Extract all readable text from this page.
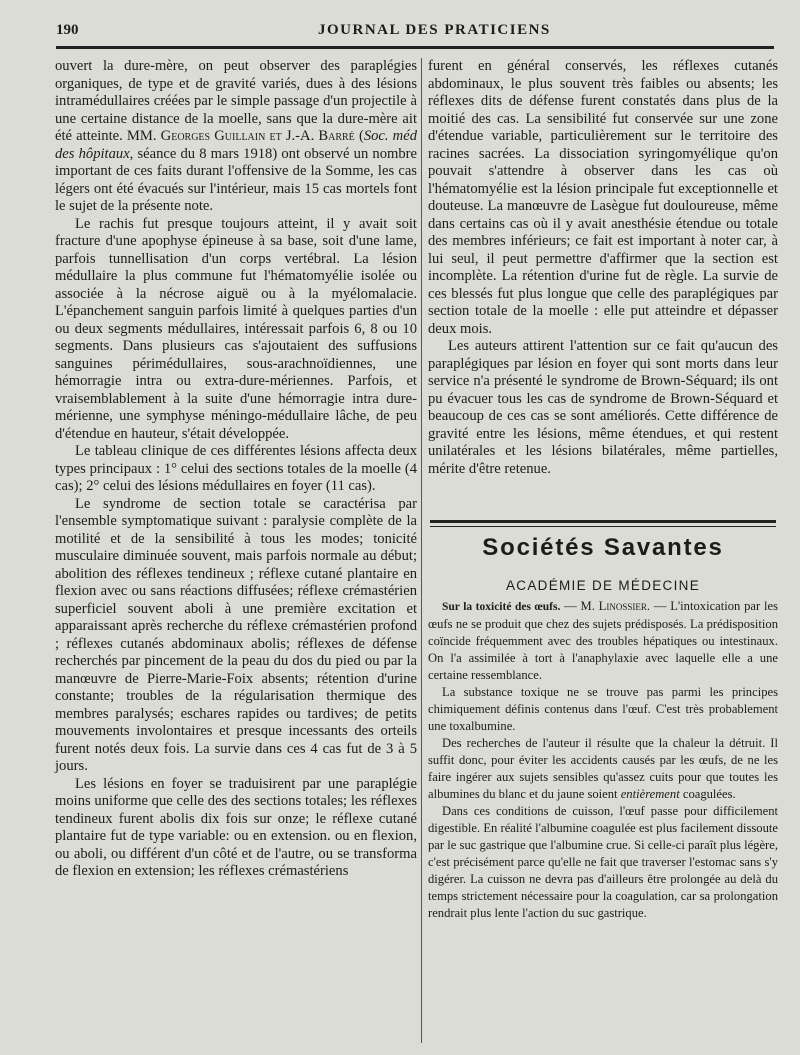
190	JOURNAL DES PRATICIENS

ouvert la dure-mère, on peut observer des paraplégies organiques, de type et de gravité variés, dues à des lésions intramédullaires créées par le simple passage d'un projectile à une certaine distance de la moelle, sans que la dure-mère ait été atteinte. MM. Georges Guillain et J.-A. Barré (Soc. méd des hôpitaux, séance du 8 mars 1918) ont observé un nombre important de ces faits durant l'offensive de la Somme, les cas légers ont été évacués sur l'intérieur, mais 15 cas mortels font le sujet de la présente note.

Le rachis fut presque toujours atteint, il y avait soit fracture d'une apophyse épineuse à sa base, soit d'une lame, parfois tunnellisation d'un corps vertébral. La lésion médullaire la plus commune fut l'hématomyélie isolée ou associée à la nécrose aiguë ou à la myélomalacie. L'épanchement sanguin parfois limité à quelques parties d'un ou deux segments médullaires, intéressait parfois 6, 8 ou 10 segments. Dans plusieurs cas s'ajoutaient des suffusions sanguines périmédullaires, sous-arachnoïdiennes, une hémorragie intra ou extra-dure-mériennes. Parfois, et vraisemblablement à la suite d'une hémorragie intra dure-mérienne, une symphyse méningo-médullaire lâche, de peu d'étendue en hauteur, s'était développée.

Le tableau clinique de ces différentes lésions affecta deux types principaux : 1° celui des sections totales de la moelle (4 cas); 2° celui des lésions médullaires en foyer (11 cas).

Le syndrome de section totale se caractérisa par l'ensemble symptomatique suivant : paralysie complète de la motilité et de la sensibilité à tous les modes; tonicité musculaire diminuée souvent, mais parfois normale au début; abolition des réflexes tendineux ; réflexe cutané plantaire en flexion avec ou sans réactions diffusées; réflexe crémastérien superficiel souvent aboli à une première excitation et apparaissant après recherche du réflexe crémastérien profond ; réflexes cutanés abdominaux abolis; réflexes de défense recherchés par pincement de la peau du dos du pied ou par la manœuvre de Pierre-Marie-Foix absents; rétention d'urine constante; troubles de la régularisation thermique des membres paralysés; eschares rapides ou tardives; de petits mouvements involontaires et presque incessants des orteils furent notés deux fois. La survie dans ces 4 cas fut de 3 à 5 jours.

Les lésions en foyer se traduisirent par une paraplégie moins uniforme que celle des des sections totales; les réflexes tendineux furent abolis dix fois sur onze; le réflexe cutané plantaire fut de type variable: ou en extension. ou en flexion, ou aboli, ou différent d'un côté et de l'autre, ou se transforma de flexion en extension; les réflexes crémastériens

furent en général conservés, les réflexes cutanés abdominaux, le plus souvent très faibles ou absents; les réflexes dits de défense furent constatés dans plus de la moitié des cas. La sensibilité fut conservée sur une zone d'étendue variable, particulièrement sur le territoire des racines sacrées. La dissociation syringomyélique qu'on pouvait s'attendre à observer dans les cas où l'hématomyélie est la lésion principale fut exceptionnelle et douteuse. La manœuvre de Lasègue fut douloureuse, même dans certains cas où il y avait anesthésie étendue ou totale des membres inférieurs; ce fait est important à noter car, à lui seul, il peut permettre d'affirmer que la section est incomplète. La rétention d'urine fut de règle. La survie de ces blessés fut plus longue que celle des paraplégiques par section totale de la moelle : elle put atteindre et dépasser deux mois.

Les auteurs attirent l'attention sur ce fait qu'aucun des paraplégiques par lésion en foyer qui sont morts dans leur service n'a présenté le syndrome de Brown-Séquard; ils ont pu évacuer tous les cas de syndrome de Brown-Séquard et beaucoup de ces cas se sont améliorés. Cette différence de gravité entre les lésions, même étendues, et qui restent unilatérales et les lésions bilatérales, même partielles, mérite d'être retenue.

Sociétés Savantes
ACADÉMIE DE MÉDECINE

Sur la toxicité des œufs. — M. Linossier. — L'intoxication par les œufs ne se produit que chez des sujets prédisposés. La prédisposition coïncide fréquemment avec des troubles hépatiques ou intestinaux. On l'a assimilée à tort à l'anaphylaxie avec laquelle elle a une certaine ressemblance.

La substance toxique ne se trouve pas parmi les principes chimiquement définis contenus dans l'œuf. C'est très probablement une toxalbumine.

Des recherches de l'auteur il résulte que la chaleur la détruit. Il suffit donc, pour éviter les accidents causés par les œufs, de ne les faire ingérer aux sujets sensibles qu'assez cuits pour que toutes les albumines du blanc et du jaune soient entièrement coagulées.

Dans ces conditions de cuisson, l'œuf passe pour difficilement digestible. En réalité l'albumine coagulée est plus facilement dissoute par le suc gastrique que l'albumine crue. Si celle-ci paraît plus légère, c'est précisément parce qu'elle ne fait que traverser l'estomac sans s'y digérer. La cuisson ne devra pas d'ailleurs être prolongée au delà du temps strictement nécessaire pour la coagulation, car sa prolongation rendrait plus lente l'action du suc gastrique.
